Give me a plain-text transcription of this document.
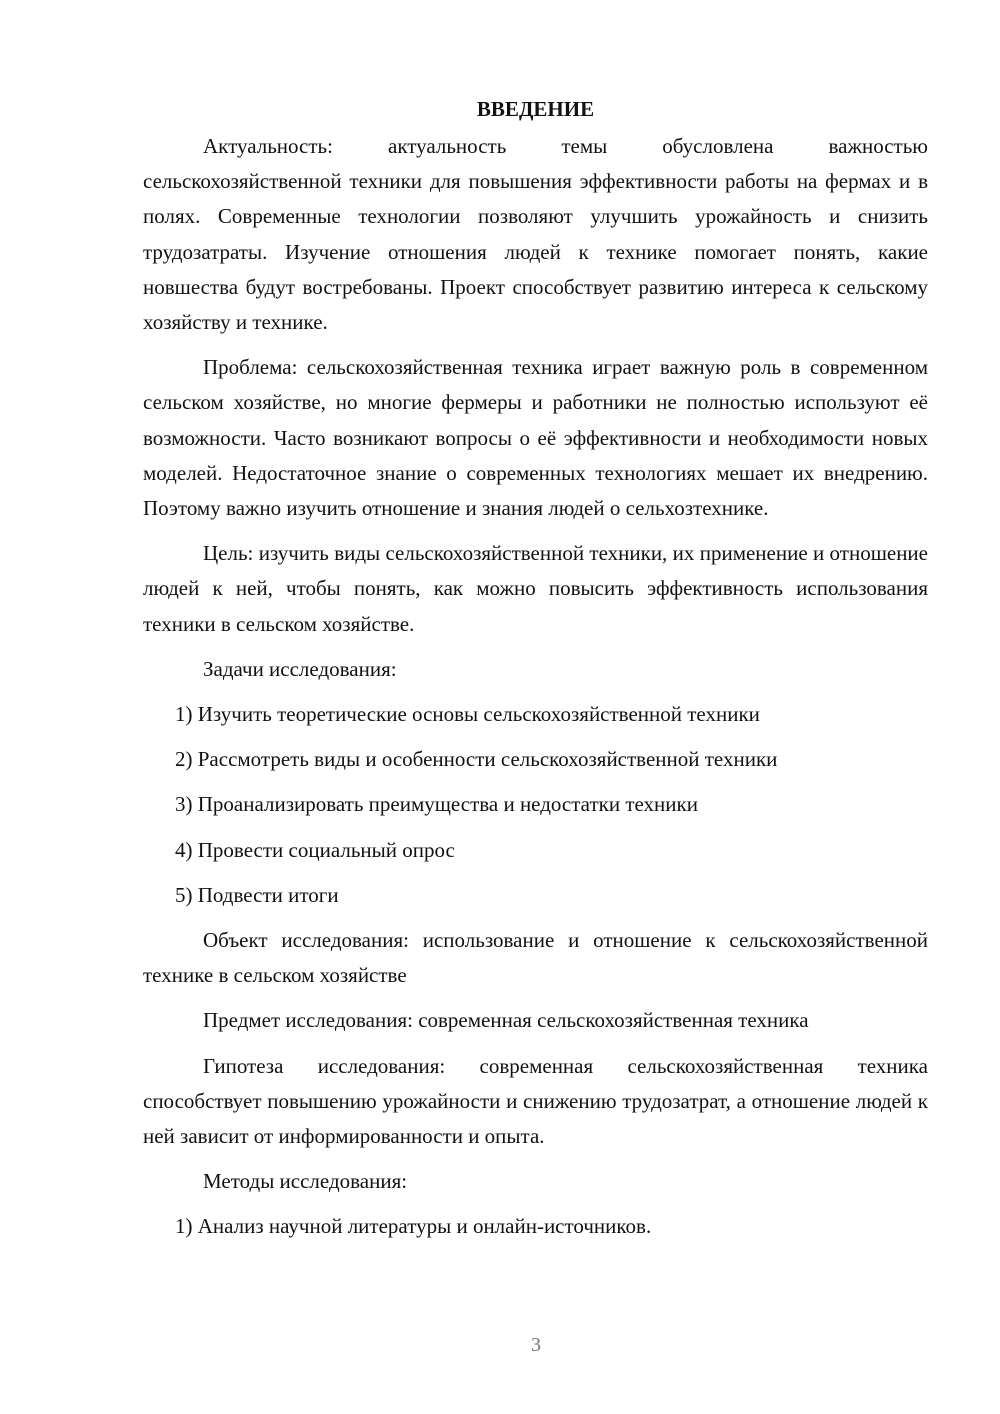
ВВЕДЕНИЕ
Актуальность: актуальность темы обусловлена важностью сельскохозяйственной техники для повышения эффективности работы на фермах и в полях. Современные технологии позволяют улучшить урожайность и снизить трудозатраты. Изучение отношения людей к технике помогает понять, какие новшества будут востребованы. Проект способствует развитию интереса к сельскому хозяйству и технике.
Проблема: сельскохозяйственная техника играет важную роль в современном сельском хозяйстве, но многие фермеры и работники не полностью используют её возможности. Часто возникают вопросы о её эффективности и необходимости новых моделей. Недостаточное знание о современных технологиях мешает их внедрению. Поэтому важно изучить отношение и знания людей о сельхозтехнике.
Цель: изучить виды сельскохозяйственной техники, их применение и отношение людей к ней, чтобы понять, как можно повысить эффективность использования техники в сельском хозяйстве.
Задачи исследования:
1) Изучить теоретические основы сельскохозяйственной техники
2) Рассмотреть виды и особенности сельскохозяйственной техники
3) Проанализировать преимущества и недостатки техники
4) Провести социальный опрос
5) Подвести итоги
Объект исследования: использование и отношение к сельскохозяйственной технике в сельском хозяйстве
Предмет исследования: современная сельскохозяйственная техника
Гипотеза исследования: современная сельскохозяйственная техника способствует повышению урожайности и снижению трудозатрат, а отношение людей к ней зависит от информированности и опыта.
Методы исследования:
1) Анализ научной литературы и онлайн-источников.
3
